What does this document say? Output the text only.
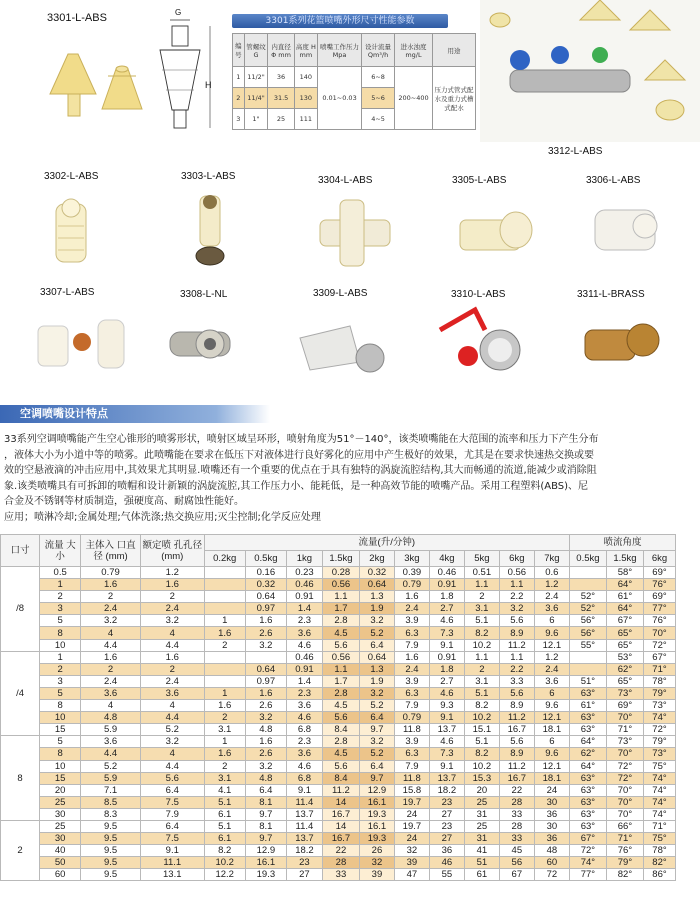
3301-L-ABS	G
H
3301系列花篮喷嘴外形尺寸性能参数
编号	管螺纹 G	内直径 Φ mm	高度 H mm	喷嘴工作压力 Mpa	设计流量 Qm³/h	进水浊度 mg/L	用途
1	11/2"	36	140	0.01~0.03	6~8	200~400	压力式管式配水及重力式槽式配水
2	11/4"	31.5	130		5~6		
3	1"	25	111		4~5		
3312-L-ABS
3302-L-ABS	3303-L-ABS	3304-L-ABS	3305-L-ABS	3306-L-ABS
3307-L-ABS	3308-L-NL	3309-L-ABS	3310-L-ABS	3311-L-BRASS
空调喷嘴设计特点

33系列空调喷嘴能产生空心锥形的喷雾形状，喷射区域呈环形，喷射角度为51°－140°，该类喷嘴能在大范围的流率和压力下产生分布

，液体大小为小道中等的喷雾。此喷嘴能在要求在低压下对液体进行良好雾化的应用中产生极好的效果，尤其是在要求快速热交换或要

效的空悬液滴的冲击应用中,其效果尤其明显.喷嘴还有一个重要的优点在于具有独特的涡旋流腔结构,其大而畅通的流道,能减少或消除阻

象.该类喷嘴具有可拆卸的喷帽和设计新颖的涡旋流腔,其工作压力小、能耗低，是一种高效节能的喷嘴产品。采用工程塑料(ABS)、尼

合金及不锈钢等材质制造，强硬度高、耐腐蚀性能好。

应用；喷淋冷却;金属处理;气体洗涤;热交换应用;灭尘控制;化学反应处理

口寸	流量 大小	主体入 口直径 (mm)	额定喷 孔孔径 (mm)	流量(升/分钟)										喷流角度		
				0.2kg	0.5kg	1kg	1.5kg	2kg	3kg	4kg	5kg	6kg	7kg	0.5kg	1.5kg	6kg
/8	0.5	0.79	1.2		0.16	0.23	0.28	0.32	0.39	0.46	0.51	0.56	0.6		58°	69°
	1	1.6	1.6		0.32	0.46	0.56	0.64	0.79	0.91	1.1	1.1	1.2		64°	76°
	2	2	2		0.64	0.91	1.1	1.3	1.6	1.8	2	2.2	2.4	52°	61°	69°
	3	2.4	2.4		0.97	1.4	1.7	1.9	2.4	2.7	3.1	3.2	3.6	52°	64°	77°
	5	3.2	3.2	1	1.6	2.3	2.8	3.2	3.9	4.6	5.1	5.6	6	56°	67°	76°
	8	4	4	1.6	2.6	3.6	4.5	5.2	6.3	7.3	8.2	8.9	9.6	56°	65°	70°
	10	4.4	4.4	2	3.2	4.6	5.6	6.4	7.9	9.1	10.2	11.2	12.1	55°	65°	72°
/4	1	1.6	1.6			0.46	0.56	0.64	1.6	0.91	1.1	1.1	1.2		53°	67°
	2	2	2		0.64	0.91	1.1	1.3	2.4	1.8	2	2.2	2.4		62°	71°
	3	2.4	2.4		0.97	1.4	1.7	1.9	3.9	2.7	3.1	3.3	3.6	51°	65°	78°
	5	3.6	3.6	1	1.6	2.3	2.8	3.2	6.3	4.6	5.1	5.6	6	63°	73°	79°
	8	4	4	1.6	2.6	3.6	4.5	5.2	7.9	9.3	8.2	8.9	9.6	61°	69°	73°
	10	4.8	4.4	2	3.2	4.6	5.6	6.4	0.79	9.1	10.2	11.2	12.1	63°	70°	74°
	15	5.9	5.2	3.1	4.8	6.8	8.4	9.7	11.8	13.7	15.1	16.7	18.1	63°	71°	72°
8	5	3.6	3.2	1	1.6	2.3	2.8	3.2	3.9	4.6	5.1	5.6	6	64°	73°	79°
	8	4.4	4	1.6	2.6	3.6	4.5	5.2	6.3	7.3	8.2	8.9	9.6	62°	70°	73°
	10	5.2	4.4	2	3.2	4.6	5.6	6.4	7.9	9.1	10.2	11.2	12.1	64°	72°	75°
	15	5.9	5.6	3.1	4.8	6.8	8.4	9.7	11.8	13.7	15.3	16.7	18.1	63°	72°	74°
	20	7.1	6.4	4.1	6.4	9.1	11.2	12.9	15.8	18.2	20	22	24	63°	70°	74°
	25	8.5	7.5	5.1	8.1	11.4	14	16.1	19.7	23	25	28	30	63°	70°	74°
	30	8.3	7.9	6.1	9.7	13.7	16.7	19.3	24	27	31	33	36	63°	70°	74°
2	25	9.5	6.4	5.1	8.1	11.4	14	16.1	19.7	23	25	28	30	63°	66°	71°
	30	9.5	7.5	6.1	9.7	13.7	16.7	19.3	24	27	31	33	36	67°	71°	75°
	40	9.5	9.1	8.2	12.9	18.2	22	26	32	36	41	45	48	72°	76°	78°
	50	9.5	11.1	10.2	16.1	23	28	32	39	46	51	56	60	74°	79°	82°
	60	9.5	13.1	12.2	19.3	27	33	39	47	55	61	67	72	77°	82°	86°
